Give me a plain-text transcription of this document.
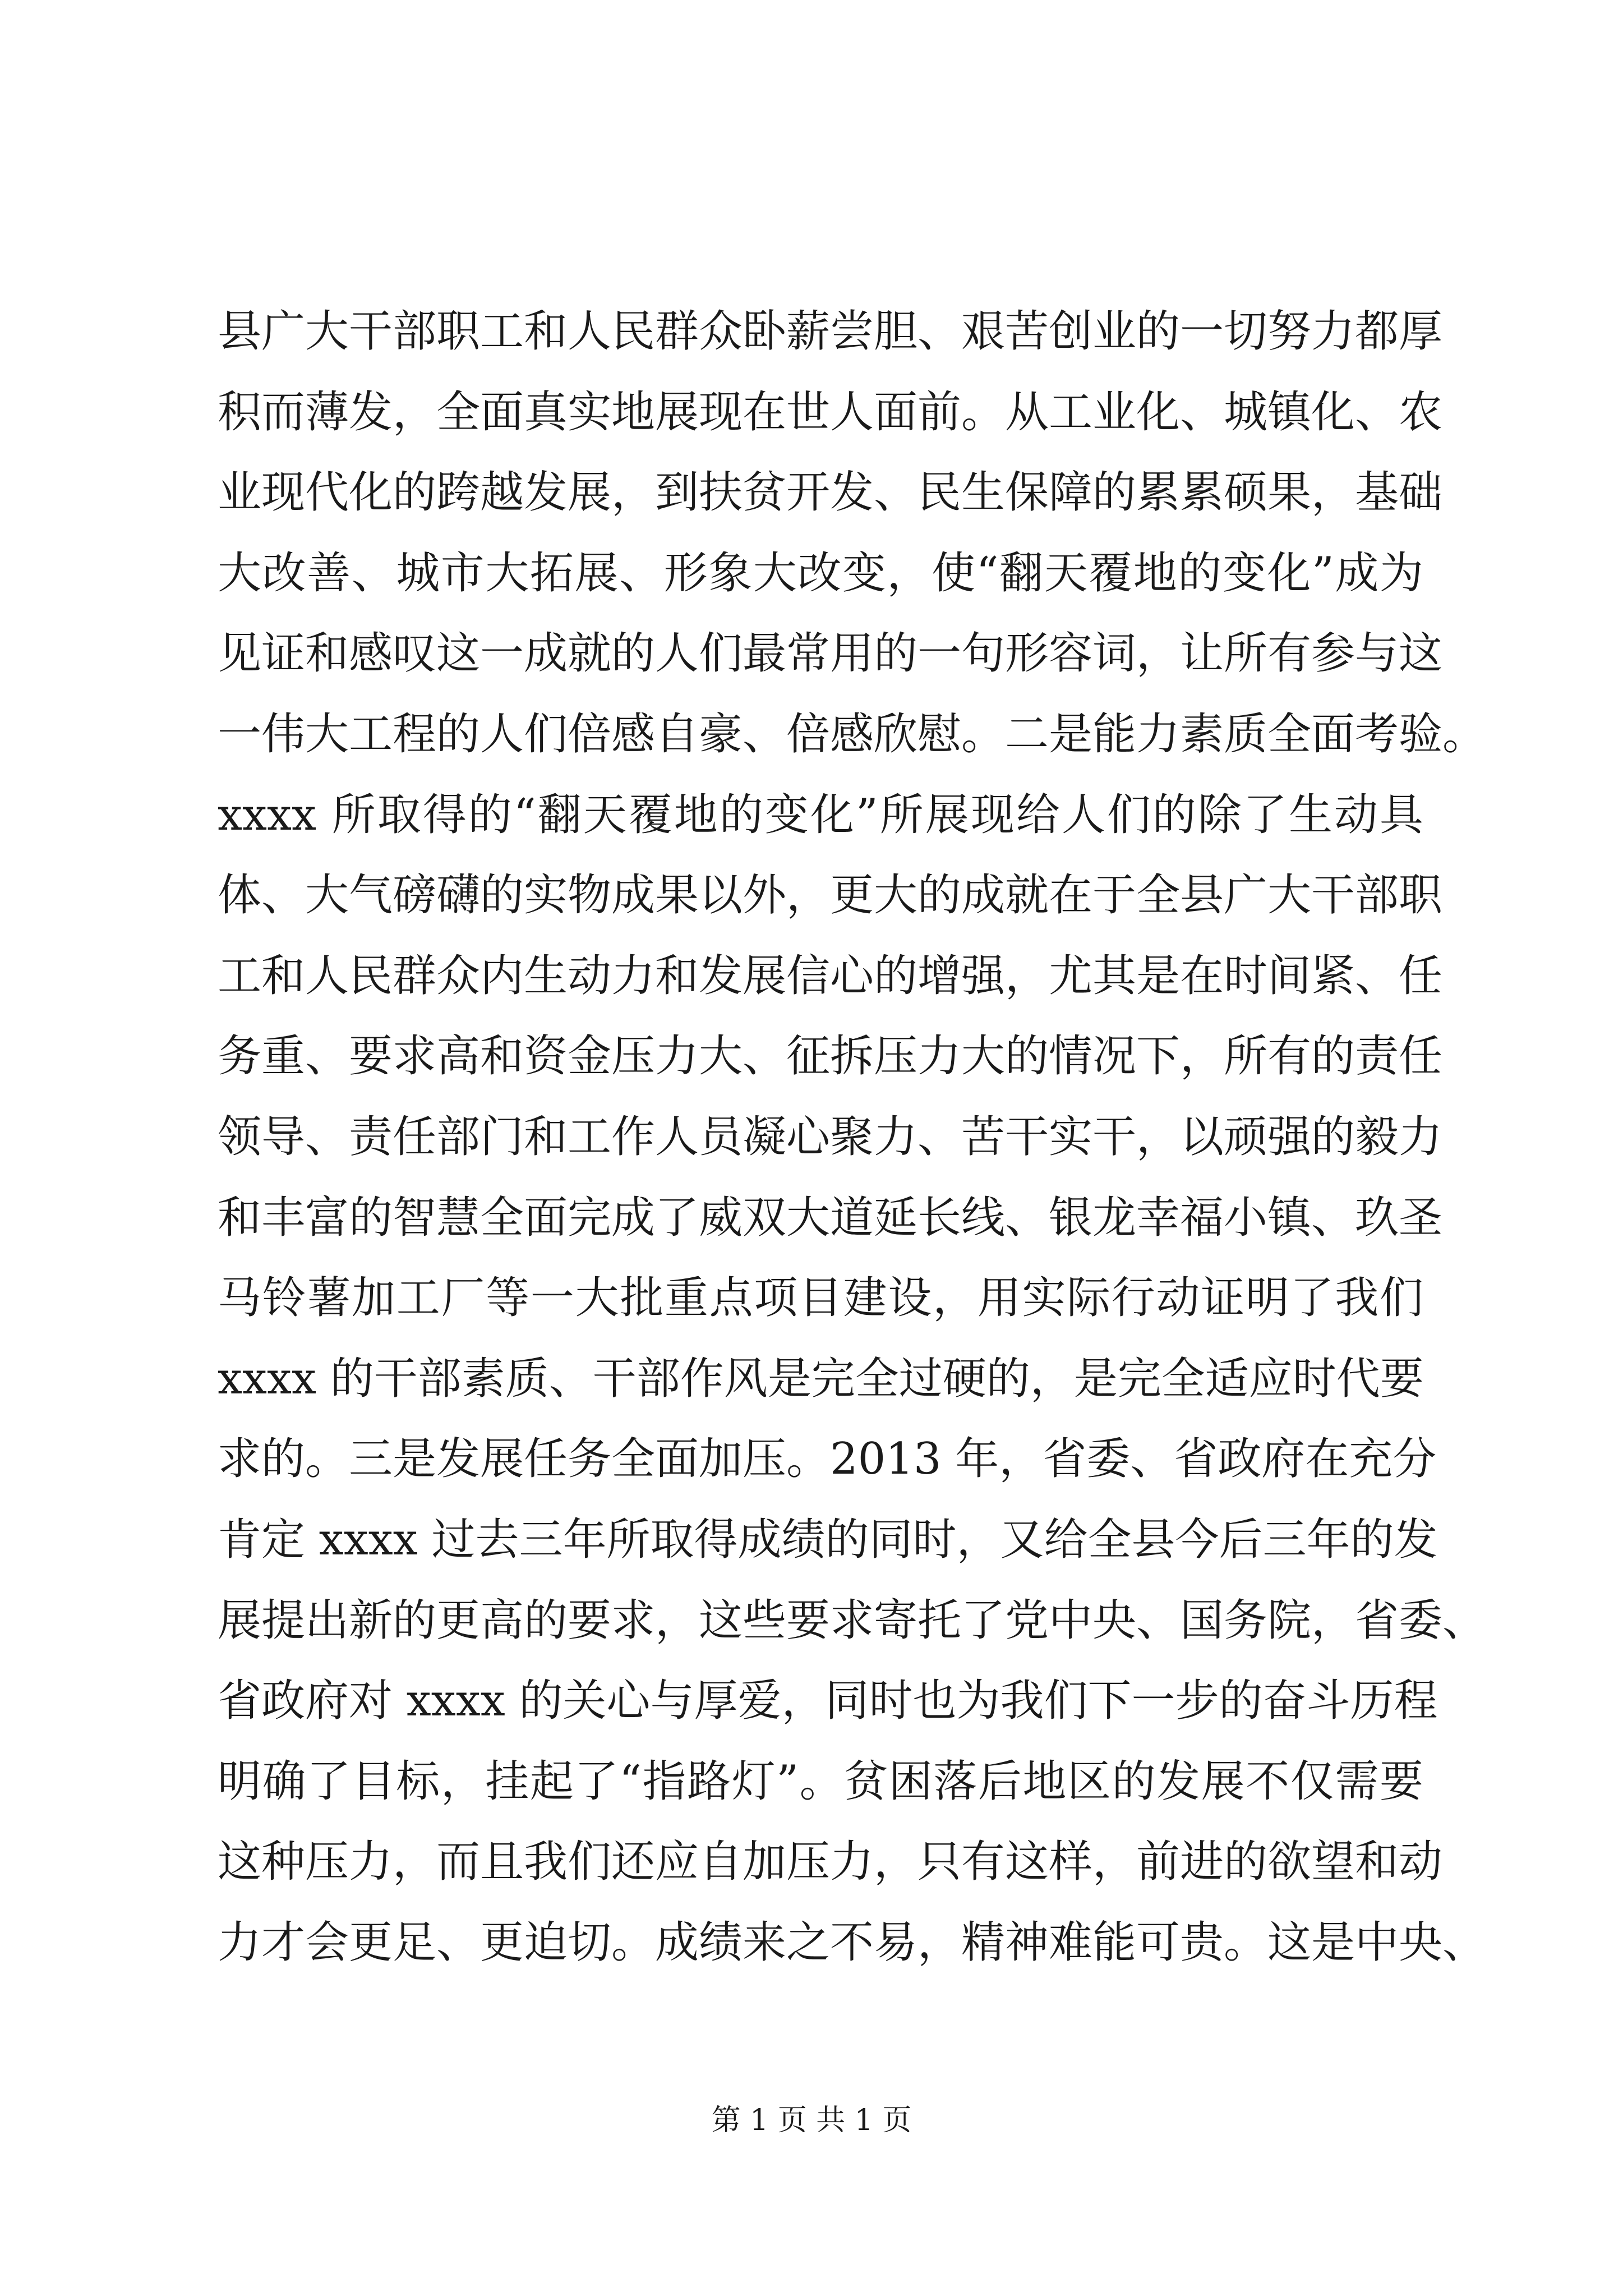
县广大干部职工和人民群众卧薪尝胆、艰苦创业的一切努力都厚
积而薄发，全面真实地展现在世人面前。从工业化、城镇化、农
业现代化的跨越发展，到扶贫开发、民生保障的累累硕果，基础
大改善、城市大拓展、形象大改变，使“翻天覆地的变化”成为
见证和感叹这一成就的人们最常用的一句形容词，让所有参与这
一伟大工程的人们倍感自豪、倍感欣慰。二是能力素质全面考验。
xxxx 所取得的“翻天覆地的变化”所展现给人们的除了生动具
体、大气磅礴的实物成果以外，更大的成就在于全县广大干部职
工和人民群众内生动力和发展信心的增强，尤其是在时间紧、任
务重、要求高和资金压力大、征拆压力大的情况下，所有的责任
领导、责任部门和工作人员凝心聚力、苦干实干，以顽强的毅力
和丰富的智慧全面完成了威双大道延长线、银龙幸福小镇、玖圣
马铃薯加工厂等一大批重点项目建设，用实际行动证明了我们
xxxx 的干部素质、干部作风是完全过硬的，是完全适应时代要
求的。三是发展任务全面加压。2013 年，省委、省政府在充分
肯定 xxxx 过去三年所取得成绩的同时，又给全县今后三年的发
展提出新的更高的要求，这些要求寄托了党中央、国务院，省委、
省政府对 xxxx 的关心与厚爱，同时也为我们下一步的奋斗历程
明确了目标，挂起了“指路灯”。贫困落后地区的发展不仅需要
这种压力，而且我们还应自加压力，只有这样，前进的欲望和动
力才会更足、更迫切。成绩来之不易，精神难能可贵。这是中央、
第 1 页 共 1 页
